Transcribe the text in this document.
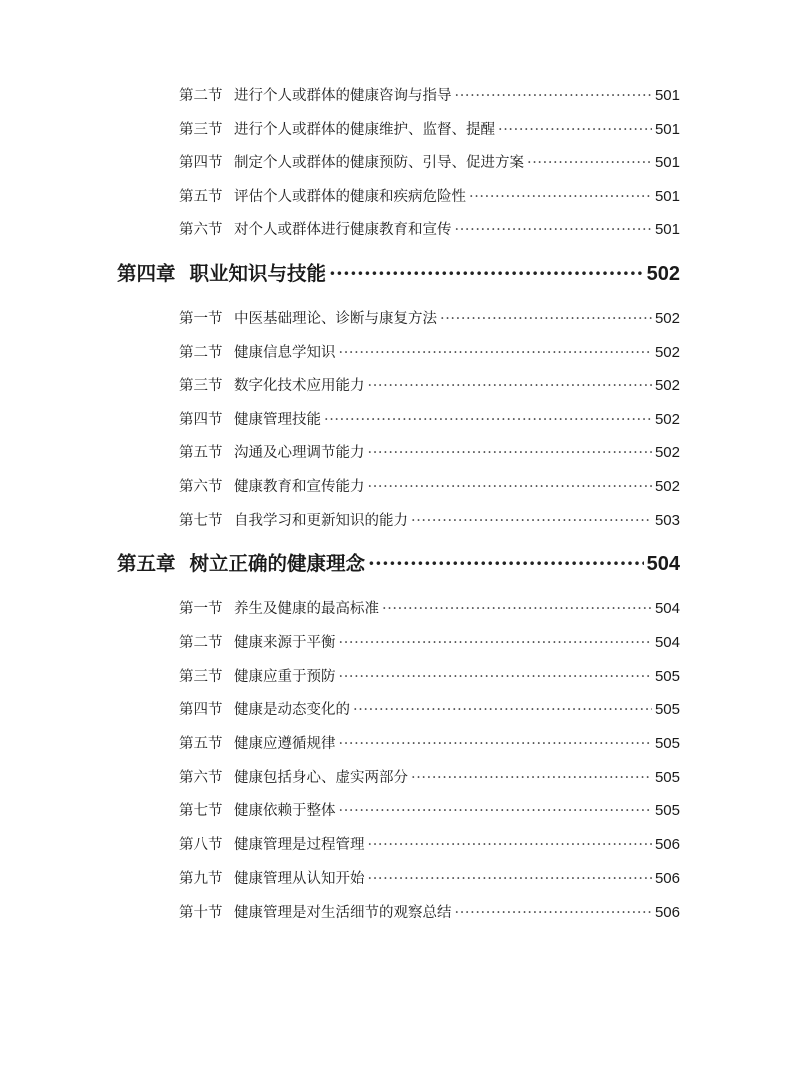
第二节 进行个人或群体的健康咨询与指导 ·····	501
第三节 进行个人或群体的健康维护、监督、提醒 ·····	501
第四节 制定个人或群体的健康预防、引导、促进方案 ·····	501
第五节 评估个人或群体的健康和疾病危险性 ·····	501
第六节 对个人或群体进行健康教育和宣传 ·····	501
第四章 职业知识与技能 ·····	502
第一节 中医基础理论、诊断与康复方法 ·····	502
第二节 健康信息学知识 ·····	502
第三节 数字化技术应用能力 ·····	502
第四节 健康管理技能 ·····	502
第五节 沟通及心理调节能力 ·····	502
第六节 健康教育和宣传能力 ·····	502
第七节 自我学习和更新知识的能力 ·····	503
第五章 树立正确的健康理念 ·····	504
第一节 养生及健康的最高标准 ·····	504
第二节 健康来源于平衡 ·····	504
第三节 健康应重于预防 ·····	505
第四节 健康是动态变化的 ·····	505
第五节 健康应遵循规律 ·····	505
第六节 健康包括身心、虚实两部分 ·····	505
第七节 健康依赖于整体 ·····	505
第八节 健康管理是过程管理 ·····	506
第九节 健康管理从认知开始 ·····	506
第十节 健康管理是对生活细节的观察总结 ·····	506
